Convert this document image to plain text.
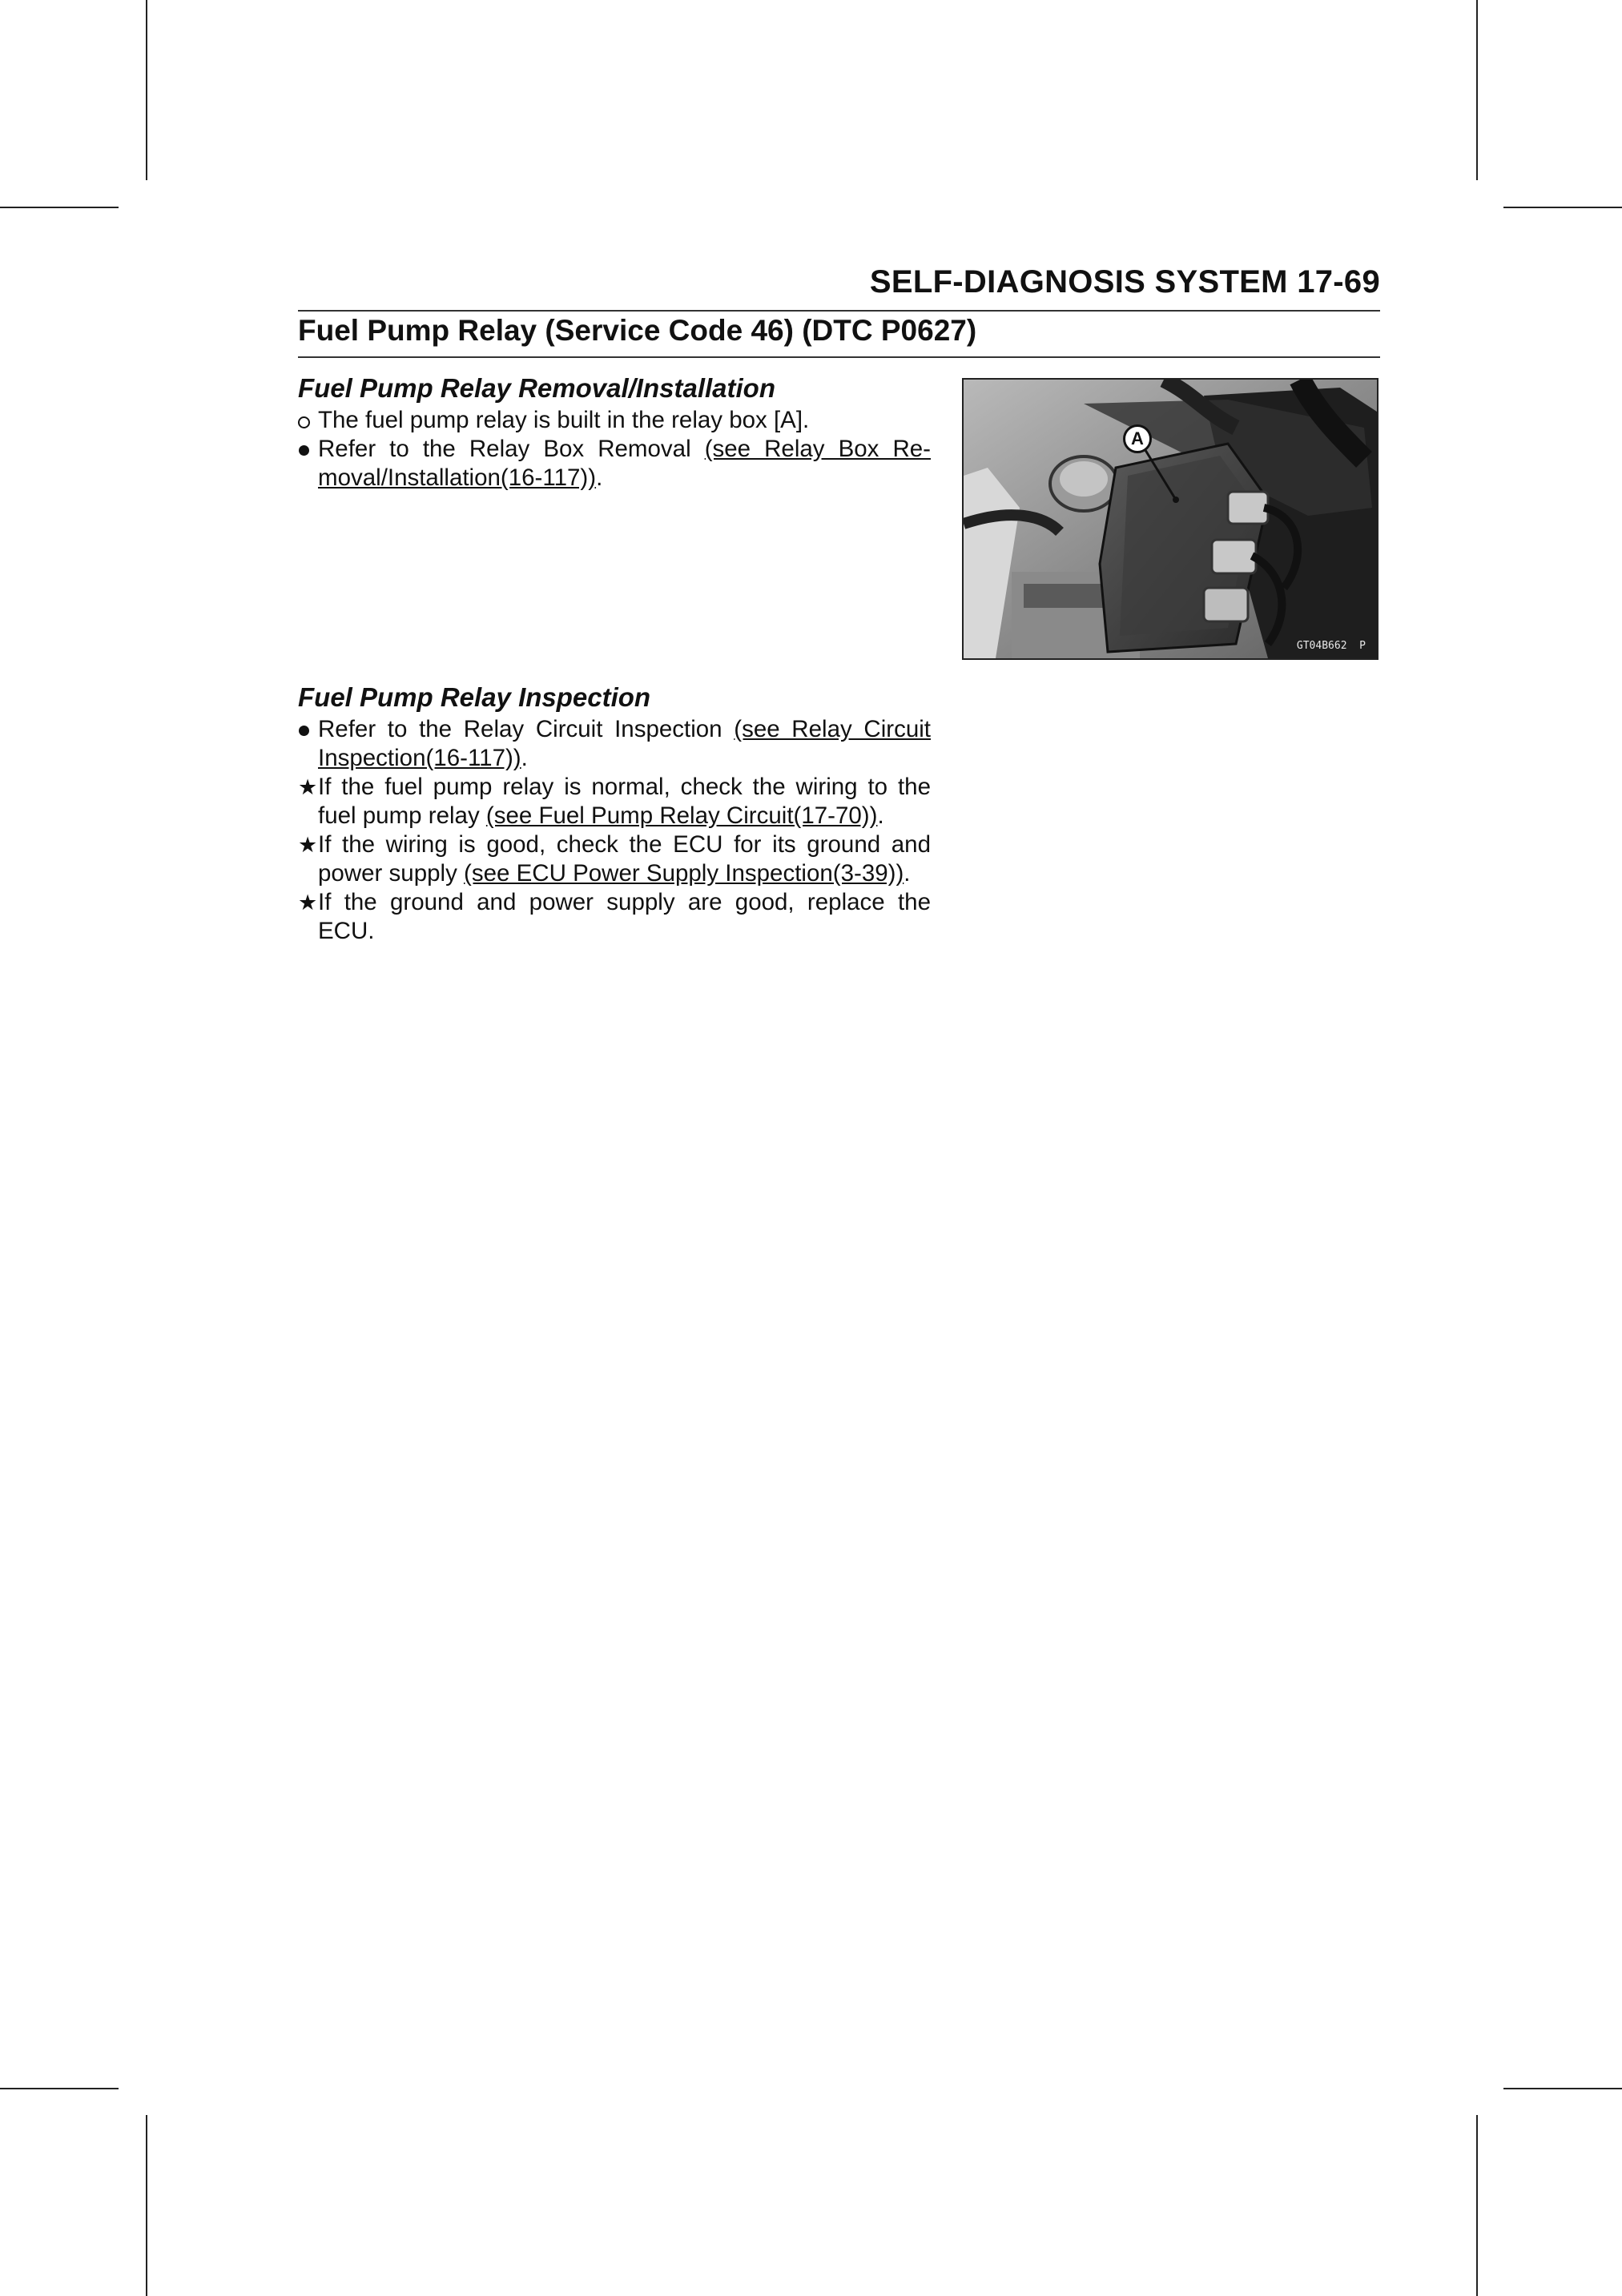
SELF-DIAGNOSIS SYSTEM 17-69
Fuel Pump Relay (Service Code 46) (DTC P0627)
Fuel Pump Relay Removal/Installation
The fuel pump relay is built in the relay box [A].
Refer to the Relay Box Removal (see Relay Box Re-moval/Installation(16-117)).
A
GT04B662  P
Fuel Pump Relay Inspection
Refer to the Relay Circuit Inspection (see Relay Circuit Inspection(16-117)).
★ If the fuel pump relay is normal, check the wiring to the fuel pump relay (see Fuel Pump Relay Circuit(17-70)).
★ If the wiring is good, check the ECU for its ground and power supply (see ECU Power Supply Inspection(3-39)).
★ If the ground and power supply are good, replace the ECU.
